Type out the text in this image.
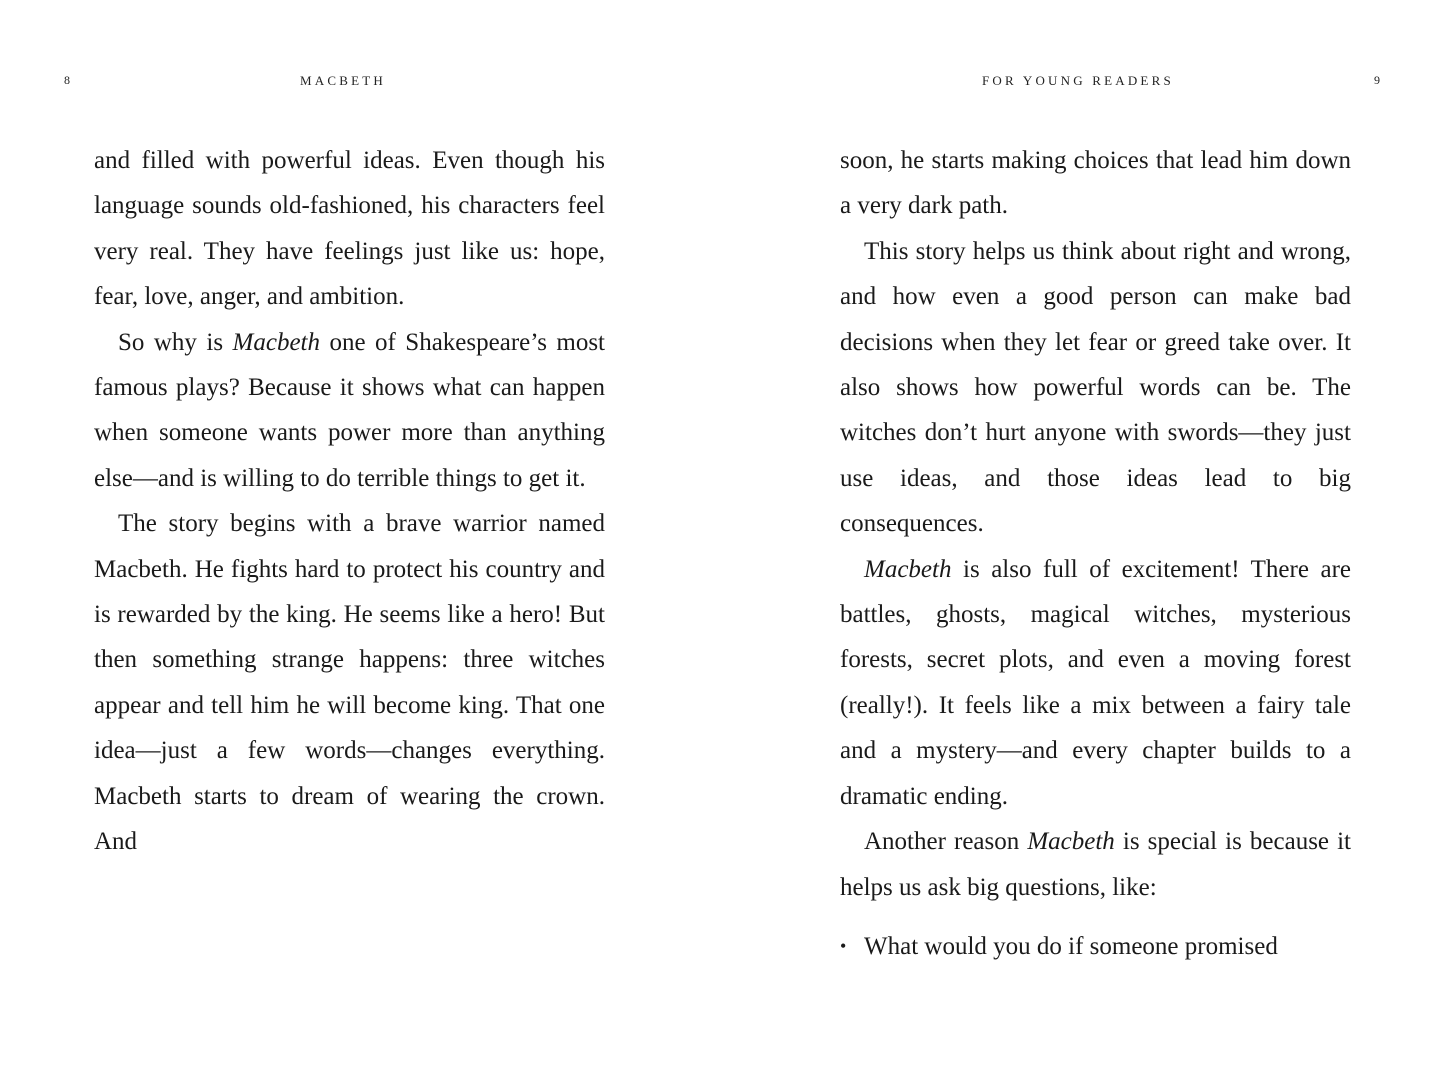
8	MACBETH

and filled with powerful ideas. Even though his language sounds old-fashioned, his characters feel very real. They have feelings just like us: hope, fear, love, anger, and ambition.

So why is Macbeth one of Shakespeare’s most famous plays? Because it shows what can happen when someone wants power more than anything else—and is willing to do terrible things to get it.

The story begins with a brave warrior named Macbeth. He fights hard to protect his country and is rewarded by the king. He seems like a hero! But then something strange happens: three witches appear and tell him he will become king. That one idea—just a few words—changes everything. Macbeth starts to dream of wearing the crown. And

FOR YOUNG READERS	9

soon, he starts making choices that lead him down a very dark path.

This story helps us think about right and wrong, and how even a good person can make bad decisions when they let fear or greed take over. It also shows how powerful words can be. The witches don’t hurt anyone with swords—they just use ideas, and those ideas lead to big consequences.

Macbeth is also full of excitement! There are battles, ghosts, magical witches, mysterious forests, secret plots, and even a moving forest (really!). It feels like a mix between a fairy tale and a mystery—and every chapter builds to a dramatic ending.

Another reason Macbeth is special is because it helps us ask big questions, like:

• What would you do if someone promised
